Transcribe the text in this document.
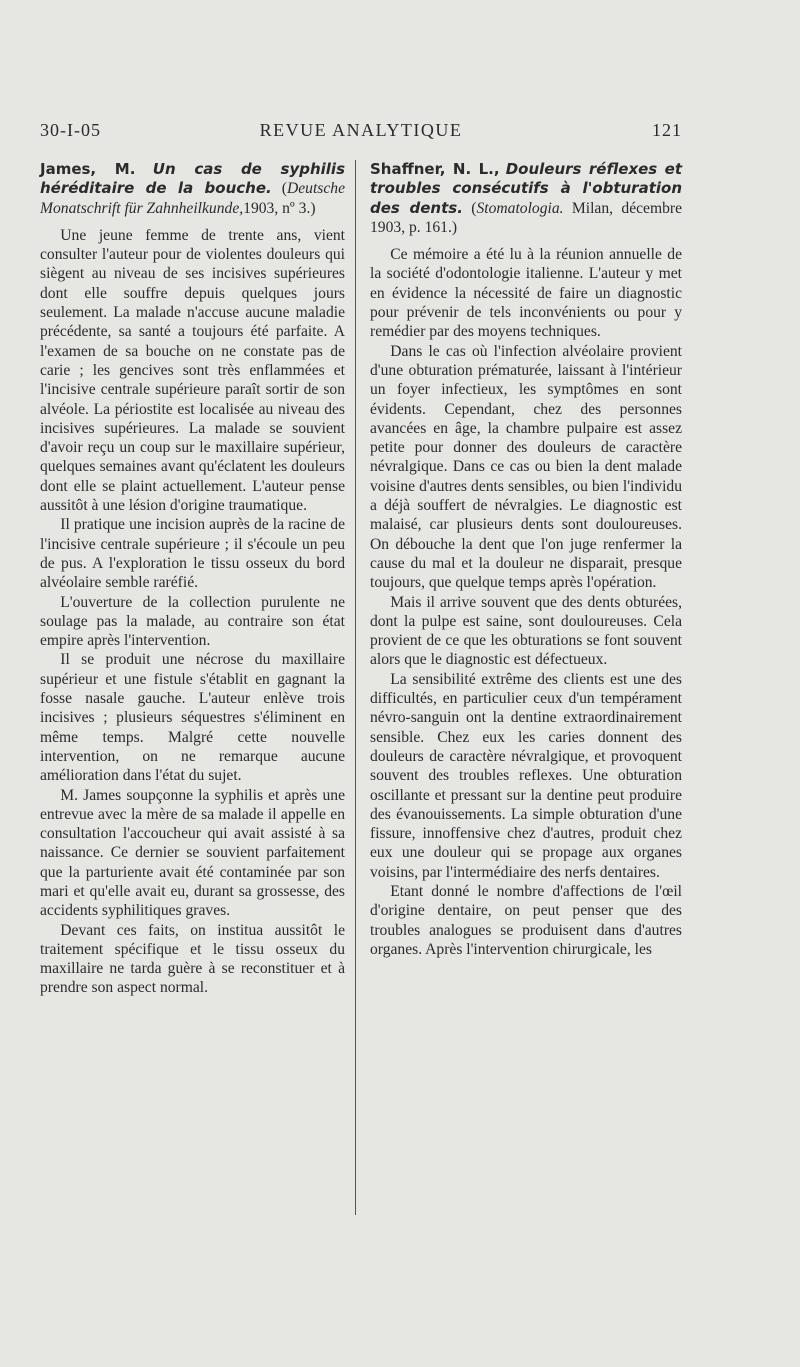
30-I-05	REVUE ANALYTIQUE	121
James, M. Un cas de syphilis héréditaire de la bouche. (Deutsche Monatschrift für Zahnheilkunde,1903, nº 3.)

Une jeune femme de trente ans, vient consulter l'auteur pour de violentes douleurs qui siègent au niveau de ses incisives supérieures dont elle souffre depuis quelques jours seulement. La malade n'accuse aucune maladie précédente, sa santé a toujours été parfaite. A l'examen de sa bouche on ne constate pas de carie ; les gencives sont très enflammées et l'incisive centrale supérieure paraît sortir de son alvéole. La périostite est localisée au niveau des incisives supérieures. La malade se souvient d'avoir reçu un coup sur le maxillaire supérieur, quelques semaines avant qu'éclatent les douleurs dont elle se plaint actuellement. L'auteur pense aussitôt à une lésion d'origine traumatique.

Il pratique une incision auprès de la racine de l'incisive centrale supérieure ; il s'écoule un peu de pus. A l'exploration le tissu osseux du bord alvéolaire semble raréfié.

L'ouverture de la collection purulente ne soulage pas la malade, au contraire son état empire après l'intervention.

Il se produit une nécrose du maxillaire supérieur et une fistule s'établit en gagnant la fosse nasale gauche. L'auteur enlève trois incisives ; plusieurs séquestres s'éliminent en même temps. Malgré cette nouvelle intervention, on ne remarque aucune amélioration dans l'état du sujet.

M. James soupçonne la syphilis et après une entrevue avec la mère de sa malade il appelle en consultation l'accoucheur qui avait assisté à sa naissance. Ce dernier se souvient parfaitement que la parturiente avait été contaminée par son mari et qu'elle avait eu, durant sa grossesse, des accidents syphilitiques graves.

Devant ces faits, on institua aussitôt le traitement spécifique et le tissu osseux du maxillaire ne tarda guère à se reconstituer et à prendre son aspect normal.

Shaffner, N. L., Douleurs réflexes et troubles consécutifs à l'obturation des dents. (Stomatologia. Milan, décembre 1903, p. 161.)

Ce mémoire a été lu à la réunion annuelle de la société d'odontologie italienne. L'auteur y met en évidence la nécessité de faire un diagnostic pour prévenir de tels inconvénients ou pour y remédier par des moyens techniques.

Dans le cas où l'infection alvéolaire provient d'une obturation prématurée, laissant à l'intérieur un foyer infectieux, les symptômes en sont évidents. Cependant, chez des personnes avancées en âge, la chambre pulpaire est assez petite pour donner des douleurs de caractère névralgique. Dans ce cas ou bien la dent malade voisine d'autres dents sensibles, ou bien l'individu a déjà souffert de névralgies. Le diagnostic est malaisé, car plusieurs dents sont douloureuses. On débouche la dent que l'on juge renfermer la cause du mal et la douleur ne disparait, presque toujours, que quelque temps après l'opération.

Mais il arrive souvent que des dents obturées, dont la pulpe est saine, sont douloureuses. Cela provient de ce que les obturations se font souvent alors que le diagnostic est défectueux.

La sensibilité extrême des clients est une des difficultés, en particulier ceux d'un tempérament névro-sanguin ont la dentine extraordinairement sensible. Chez eux les caries donnent des douleurs de caractère névralgique, et provoquent souvent des troubles reflexes. Une obturation oscillante et pressant sur la dentine peut produire des évanouissements. La simple obturation d'une fissure, innoffensive chez d'autres, produit chez eux une douleur qui se propage aux organes voisins, par l'intermédiaire des nerfs dentaires.

Etant donné le nombre d'affections de l'œil d'origine dentaire, on peut penser que des troubles analogues se produisent dans d'autres organes. Après l'intervention chirurgicale, les
